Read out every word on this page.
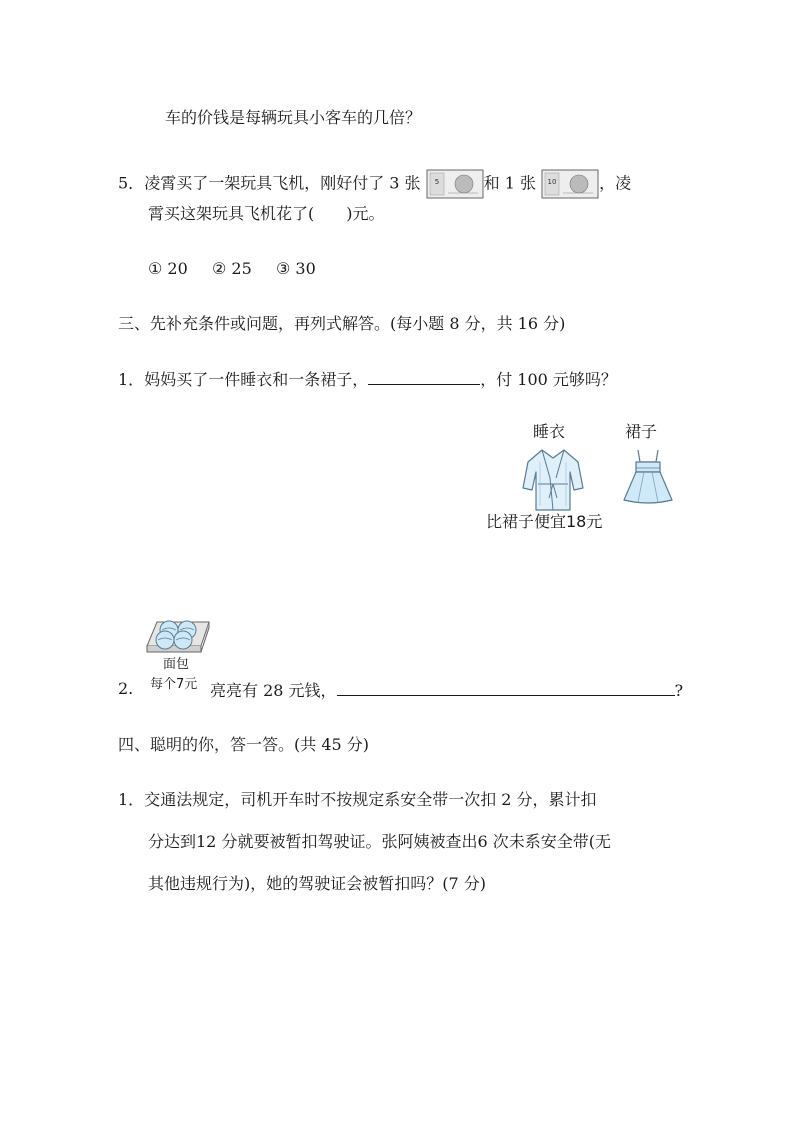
车的价钱是每辆玩具小客车的几倍？
5．凌霄买了一架玩具飞机，刚好付了 3 张 5	和 1 张 10	，凌
霄买这架玩具飞机花了(　　)元。
① 20 ② 25 ③ 30
三、先补充条件或问题，再列式解答。(每小题 8 分，共 16 分)
1．妈妈买了一件睡衣和一条裙子，	，付 100 元够吗？
睡衣	裙子
比裙子便宜18元
面包
每个7元
2.	亮亮有 28 元钱，	?
四、聪明的你，答一答。(共 45 分)
1．交通法规定，司机开车时不按规定系安全带一次扣 2 分，累计扣
分达到12 分就要被暂扣驾驶证。张阿姨被查出6 次未系安全带(无
其他违规行为)，她的驾驶证会被暂扣吗？(7 分)
